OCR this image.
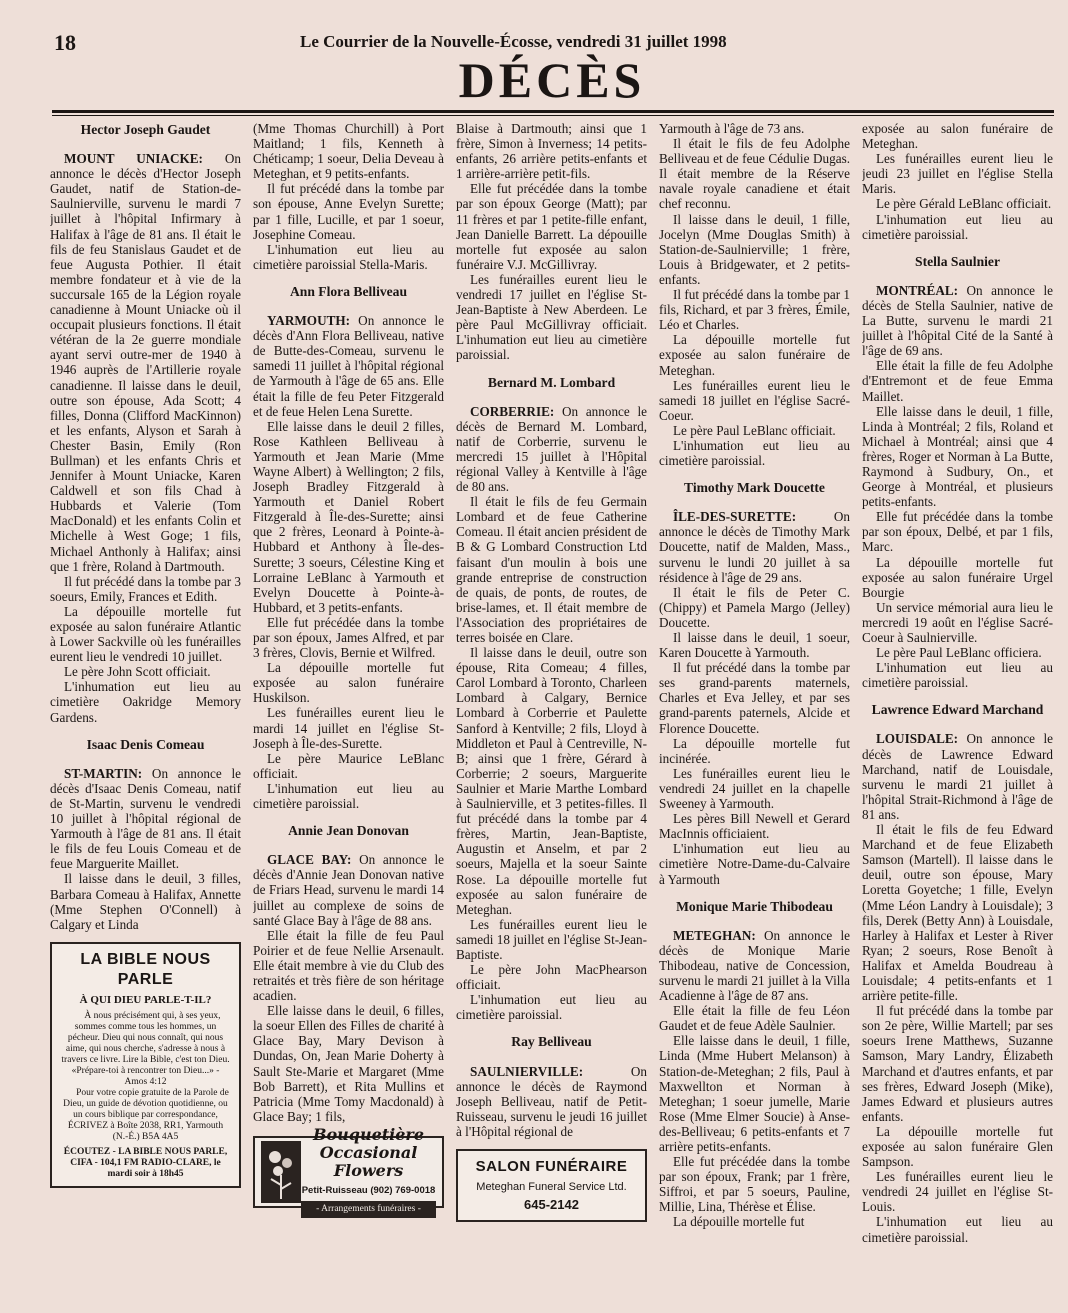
18	Le Courrier de la Nouvelle-Écosse, vendredi 31 juillet 1998
DÉCÈS
Hector Joseph Gaudet

MOUNT UNIACKE: On annonce le décès d'Hector Joseph Gaudet, natif de Station-de-Saulnierville, survenu le mardi 7 juillet à l'hôpital Infirmary à Halifax à l'âge de 81 ans. Il était le fils de feu Stanislaus Gaudet et de feue Augusta Pothier. Il était membre fondateur et à vie de la succursale 165 de la Légion royale canadienne à Mount Uniacke où il occupait plusieurs fonctions. Il était vétéran de la 2e guerre mondiale ayant servi outre-mer de 1940 à 1946 auprès de l'Artillerie royale canadienne. Il laisse dans le deuil, outre son épouse, Ada Scott; 4 filles, Donna (Clifford MacKinnon) et les enfants, Alyson et Sarah à Chester Basin, Emily (Ron Bullman) et les enfants Chris et Jennifer à Mount Uniacke, Karen Caldwell et son fils Chad à Hubbards et Valerie (Tom MacDonald) et les enfants Colin et Michelle à West Goge; 1 fils, Michael Anthonly à Halifax; ainsi que 1 frère, Roland à Dartmouth.

Il fut précédé dans la tombe par 3 soeurs, Emily, Frances et Edith.

La dépouille mortelle fut exposée au salon funéraire Atlantic à Lower Sackville où les funérailles eurent lieu le vendredi 10 juillet.

Le père John Scott officiait.

L'inhumation eut lieu au cimetière Oakridge Memory Gardens.

Isaac Denis Comeau

ST-MARTIN: On annonce le décès d'Isaac Denis Comeau, natif de St-Martin, survenu le vendredi 10 juillet à l'hôpital régional de Yarmouth à l'âge de 81 ans. Il était le fils de feu Louis Comeau et de feue Marguerite Maillet.

Il laisse dans le deuil, 3 filles, Barbara Comeau à Halifax, Annette (Mme Stephen O'Connell) à Calgary et Linda

LA BIBLE NOUS PARLE
À QUI DIEU PARLE-T-IL?

À nous précisément qui, à ses yeux, sommes comme tous les hommes, un pécheur. Dieu qui nous connaît, qui nous aime, qui nous cherche, s'adresse à nous à travers ce livre. Lire la Bible, c'est ton Dieu. «Prépare-toi à rencontrer ton Dieu...» - Amos 4:12

Pour votre copie gratuite de la Parole de Dieu, un guide de dévotion quotidienne, ou un cours biblique par correspondance, ÉCRIVEZ à Boîte 2038, RR1, Yarmouth (N.-É.) B5A 4A5

ÉCOUTEZ - LA BIBLE NOUS PARLE, CIFA - 104,1 FM RADIO-CLARE, le mardi soir à 18h45

(Mme Thomas Churchill) à Port Maitland; 1 fils, Kenneth à Chéticamp; 1 soeur, Delia Deveau à Meteghan, et 9 petits-enfants.

Il fut précédé dans la tombe par son épouse, Anne Evelyn Surette; par 1 fille, Lucille, et par 1 soeur, Josephine Comeau.

L'inhumation eut lieu au cimetière paroissial Stella-Maris.

Ann Flora Belliveau

YARMOUTH: On annonce le décès d'Ann Flora Belliveau, native de Butte-des-Comeau, survenu le samedi 11 juillet à l'hôpital régional de Yarmouth à l'âge de 65 ans. Elle était la fille de feu Peter Fitzgerald et de feue Helen Lena Surette.

Elle laisse dans le deuil 2 filles, Rose Kathleen Belliveau à Yarmouth et Jean Marie (Mme Wayne Albert) à Wellington; 2 fils, Joseph Bradley Fitzgerald à Yarmouth et Daniel Robert Fitzgerald à Île-des-Surette; ainsi que 2 frères, Leonard à Pointe-à-Hubbard et Anthony à Île-des-Surette; 3 soeurs, Célestine King et Lorraine LeBlanc à Yarmouth et Evelyn Doucette à Pointe-à-Hubbard, et 3 petits-enfants.

Elle fut précédée dans la tombe par son époux, James Alfred, et par 3 frères, Clovis, Bernie et Wilfred.

La dépouille mortelle fut exposée au salon funéraire Huskilson.

Les funérailles eurent lieu le mardi 14 juillet en l'église St-Joseph à Île-des-Surette.

Le père Maurice LeBlanc officiait.

L'inhumation eut lieu au cimetière paroissial.

Annie Jean Donovan

GLACE BAY: On annonce le décès d'Annie Jean Donovan native de Friars Head, survenu le mardi 14 juillet au complexe de soins de santé Glace Bay à l'âge de 88 ans.

Elle était la fille de feu Paul Poirier et de feue Nellie Arsenault. Elle était membre à vie du Club des retraités et très fière de son héritage acadien.

Elle laisse dans le deuil, 6 filles, la soeur Ellen des Filles de charité à Glace Bay, Mary Devison à Dundas, On, Jean Marie Doherty à Sault Ste-Marie et Margaret (Mme Bob Barrett), et Rita Mullins et Patricia (Mme Tomy Macdonald) à Glace Bay; 1 fils,

Bouquetière
Occasional Flowers
Petit-Ruisseau (902) 769-0018
- Arrangements funéraires -

Blaise à Dartmouth; ainsi que 1 frère, Simon à Inverness; 14 petits-enfants, 26 arrière petits-enfants et 1 arrière-arrière petit-fils.

Elle fut précédée dans la tombe par son époux George (Matt); par 11 frères et par 1 petite-fille enfant, Jean Danielle Barrett. La dépouille mortelle fut exposée au salon funéraire V.J. McGillivray.

Les funérailles eurent lieu le vendredi 17 juillet en l'église St-Jean-Baptiste à New Aberdeen. Le père Paul McGillivray officiait. L'inhumation eut lieu au cimetière paroissial.

Bernard M. Lombard

CORBERRIE: On annonce le décès de Bernard M. Lombard, natif de Corberrie, survenu le mercredi 15 juillet à l'Hôpital régional Valley à Kentville à l'âge de 80 ans.

Il était le fils de feu Germain Lombard et de feue Catherine Comeau. Il était ancien président de B & G Lombard Construction Ltd faisant d'un moulin à bois une grande entreprise de construction de quais, de ponts, de routes, de brise-lames, et. Il était membre de l'Association des propriétaires de terres boisée en Clare.

Il laisse dans le deuil, outre son épouse, Rita Comeau; 4 filles, Carol Lombard à Toronto, Charleen Lombard à Calgary, Bernice Lombard à Corberrie et Paulette Sanford à Kentville; 2 fils, Lloyd à Middleton et Paul à Centreville, N-B; ainsi que 1 frère, Gérard à Corberrie; 2 soeurs, Marguerite Saulnier et Marie Marthe Lombard à Saulnierville, et 3 petites-filles. Il fut précédé dans la tombe par 4 frères, Martin, Jean-Baptiste, Augustin et Anselm, et par 2 soeurs, Majella et la soeur Sainte Rose. La dépouille mortelle fut exposée au salon funéraire de Meteghan.

Les funérailles eurent lieu le samedi 18 juillet en l'église St-Jean-Baptiste.

Le père John MacPhearson officiait.

L'inhumation eut lieu au cimetière paroissial.

Ray Belliveau

SAULNIERVILLE: On annonce le décès de Raymond Joseph Belliveau, natif de Petit-Ruisseau, survenu le jeudi 16 juillet à l'Hôpital régional de

SALON FUNÉRAIRE
Meteghan Funeral Service Ltd.
645-2142

Yarmouth à l'âge de 73 ans.

Il était le fils de feu Adolphe Belliveau et de feue Cédulie Dugas. Il était membre de la Réserve navale royale canadiene et était chef reconnu.

Il laisse dans le deuil, 1 fille, Jocelyn (Mme Douglas Smith) à Station-de-Saulnierville; 1 frère, Louis à Bridgewater, et 2 petits-enfants.

Il fut précédé dans la tombe par 1 fils, Richard, et par 3 frères, Émile, Léo et Charles.

La dépouille mortelle fut exposée au salon funéraire de Meteghan.

Les funérailles eurent lieu le samedi 18 juillet en l'église Sacré-Coeur.

Le père Paul LeBlanc officiait.

L'inhumation eut lieu au cimetière paroissial.

Timothy Mark Doucette

ÎLE-DES-SURETTE: On annonce le décès de Timothy Mark Doucette, natif de Malden, Mass., survenu le lundi 20 juillet à sa résidence à l'âge de 29 ans.

Il était le fils de Peter C. (Chippy) et Pamela Margo (Jelley) Doucette.

Il laisse dans le deuil, 1 soeur, Karen Doucette à Yarmouth.

Il fut précédé dans la tombe par ses grand-parents maternels, Charles et Eva Jelley, et par ses grand-parents paternels, Alcide et Florence Doucette.

La dépouille mortelle fut incinérée.

Les funérailles eurent lieu le vendredi 24 juillet en la chapelle Sweeney à Yarmouth.

Les pères Bill Newell et Gerard MacInnis officiaient.

L'inhumation eut lieu au cimetière Notre-Dame-du-Calvaire à Yarmouth

Monique Marie Thibodeau

METEGHAN: On annonce le décès de Monique Marie Thibodeau, native de Concession, survenu le mardi 21 juillet à la Villa Acadienne à l'âge de 87 ans.

Elle était la fille de feu Léon Gaudet et de feue Adèle Saulnier.

Elle laisse dans le deuil, 1 fille, Linda (Mme Hubert Melanson) à Station-de-Meteghan; 2 fils, Paul à Maxwellton et Norman à Meteghan; 1 soeur jumelle, Marie Rose (Mme Elmer Soucie) à Anse-des-Belliveau; 6 petits-enfants et 7 arrière petits-enfants.

Elle fut précédée dans la tombe par son époux, Frank; par 1 frère, Siffroi, et par 5 soeurs, Pauline, Millie, Lina, Thérèse et Élise.

La dépouille mortelle fut

exposée au salon funéraire de Meteghan.

Les funérailles eurent lieu le jeudi 23 juillet en l'église Stella Maris.

Le père Gérald LeBlanc officiait.

L'inhumation eut lieu au cimetière paroissial.

Stella Saulnier

MONTRÉAL: On annonce le décès de Stella Saulnier, native de La Butte, survenu le mardi 21 juillet à l'hôpital Cité de la Santé à l'âge de 69 ans.

Elle était la fille de feu Adolphe d'Entremont et de feue Emma Maillet.

Elle laisse dans le deuil, 1 fille, Linda à Montréal; 2 fils, Roland et Michael à Montréal; ainsi que 4 frères, Roger et Norman à La Butte, Raymond à Sudbury, On., et George à Montréal, et plusieurs petits-enfants.

Elle fut précédée dans la tombe par son époux, Delbé, et par 1 fils, Marc.

La dépouille mortelle fut exposée au salon funéraire Urgel Bourgie

Un service mémorial aura lieu le mercredi 19 août en l'église Sacré-Coeur à Saulnierville.

Le père Paul LeBlanc officiera.

L'inhumation eut lieu au cimetière paroissial.

Lawrence Edward Marchand

LOUISDALE: On annonce le décès de Lawrence Edward Marchand, natif de Louisdale, survenu le mardi 21 juillet à l'hôpital Strait-Richmond à l'âge de 81 ans.

Il était le fils de feu Edward Marchand et de feue Elizabeth Samson (Martell). Il laisse dans le deuil, outre son épouse, Mary Loretta Goyetche; 1 fille, Evelyn (Mme Léon Landry à Louisdale); 3 fils, Derek (Betty Ann) à Louisdale, Harley à Halifax et Lester à River Ryan; 2 soeurs, Rose Benoît à Halifax et Amelda Boudreau à Louisdale; 4 petits-enfants et 1 arrière petite-fille.

Il fut précédé dans la tombe par son 2e père, Willie Martell; par ses soeurs Irene Matthews, Suzanne Samson, Mary Landry, Élizabeth Marchand et d'autres enfants, et par ses frères, Edward Joseph (Mike), James Edward et plusieurs autres enfants.

La dépouille mortelle fut exposée au salon funéraire Glen Sampson.

Les funérailles eurent lieu le vendredi 24 juillet en l'église St-Louis.

L'inhumation eut lieu au cimetière paroissial.
